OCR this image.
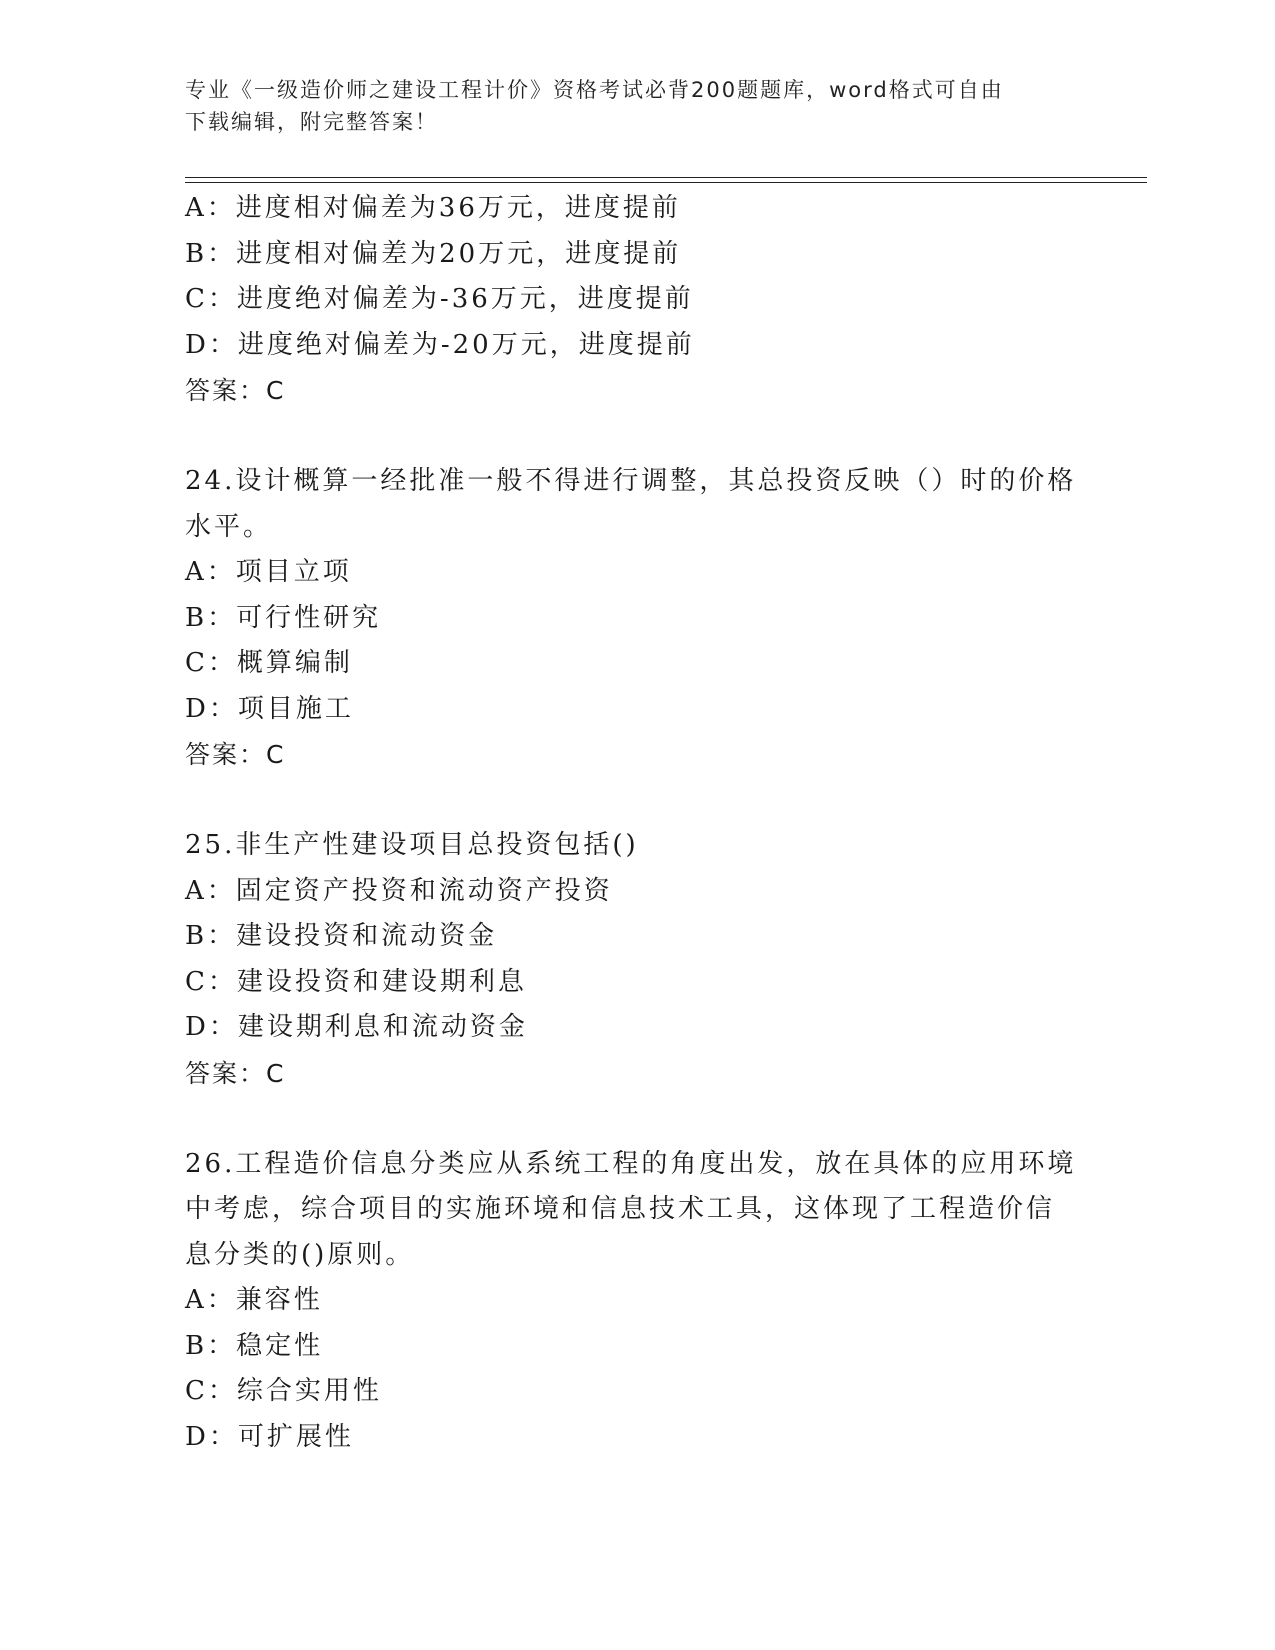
专业《一级造价师之建设工程计价》资格考试必背200题题库，word格式可自由
下载编辑，附完整答案！
A：进度相对偏差为36万元，进度提前
B：进度相对偏差为20万元，进度提前
C：进度绝对偏差为-36万元，进度提前
D：进度绝对偏差为-20万元，进度提前
答案：C
24.设计概算一经批准一般不得进行调整，其总投资反映（）时的价格
水平。
A：项目立项
B：可行性研究
C：概算编制
D：项目施工
答案：C
25.非生产性建设项目总投资包括()
A：固定资产投资和流动资产投资
B：建设投资和流动资金
C：建设投资和建设期利息
D：建设期利息和流动资金
答案：C
26.工程造价信息分类应从系统工程的角度出发，放在具体的应用环境
中考虑，综合项目的实施环境和信息技术工具，这体现了工程造价信
息分类的()原则。
A：兼容性
B：稳定性
C：综合实用性
D：可扩展性
